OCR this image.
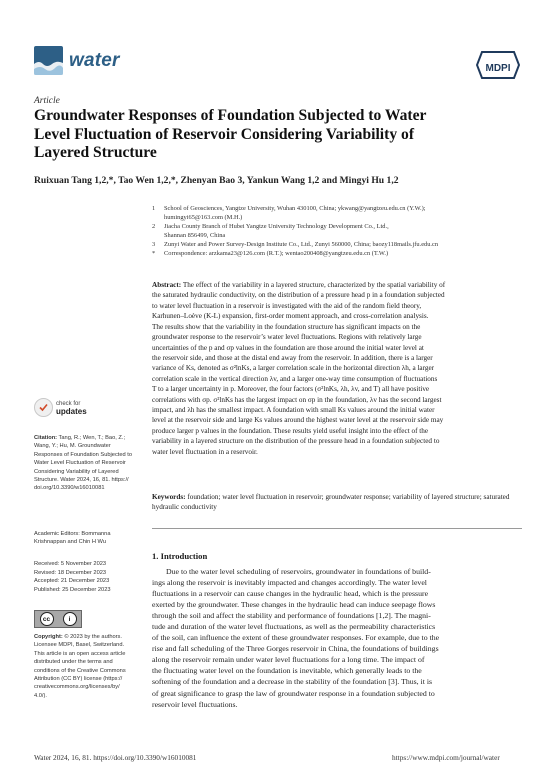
water	MDPI
Article
Groundwater Responses of Foundation Subjected to Water
Level Fluctuation of Reservoir Considering Variability of
Layered Structure
Ruixuan Tang 1,2,*, Tao Wen 1,2,*, Zhenyan Bao 3, Yankun Wang 1,2 and Mingyi Hu 1,2
1	School of Geosciences, Yangtze University, Wuhan 430100, China; ykwang@yangtzeu.edu.cn (Y.W.);
humingyi65@163.com (M.H.)
2	Jiacha County Branch of Hubei Yangtze University Technology Development Co., Ltd.,
Shannan 856499, China
3	Zunyi Water and Power Survey-Design Institute Co., Ltd., Zunyi 560000, China; baozy118mails.jfu.edu.cn
*	Correspondence: arzkama23@126.com (R.T.); wentao200408@yangtzeu.edu.cn (T.W.)
Abstract: The effect of the variability in a layered structure, characterized by the spatial variability of
the saturated hydraulic conductivity, on the distribution of a pressure head p in a foundation subjected
to water level fluctuation in a reservoir is investigated with the aid of the random field theory,
Karhunen–Loève (K-L) expansion, first-order moment approach, and cross-correlation analysis.
The results show that the variability in the foundation structure has significant impacts on the
groundwater response to the reservoir’s water level fluctuations. Regions with relatively large
uncertainties of the p and σp values in the foundation are those around the initial water level at
the reservoir side, and those at the distal end away from the reservoir. In addition, there is a larger
variance of Ks, denoted as σ²lnKs, a larger correlation scale in the horizontal direction λh, a larger
correlation scale in the vertical direction λv, and a larger one-way time consumption of fluctuations
T to a larger uncertainty in p. Moreover, the four factors (σ²lnKs, λh, λv, and T) all have positive
correlations with σp. σ²lnKs has the largest impact on σp in the foundation, λv has the second largest
impact, and λh has the smallest impact. A foundation with small Ks values around the initial water
level at the reservoir side and large Ks values around the highest water level at the reservoir side may
produce larger p values in the foundation. These results yield useful insight into the effect of the
variability in a layered structure on the distribution of the pressure head in a foundation subjected to
water level fluctuation in a reservoir.
Keywords: foundation; water level fluctuation in reservoir; groundwater response; variability of layered structure; saturated hydraulic conductivity
1. Introduction
Due to the water level scheduling of reservoirs, groundwater in foundations of build-
ings along the reservoir is inevitably impacted and changes accordingly. The water level
fluctuations in a reservoir can cause changes in the hydraulic head, which is the pressure
exerted by the groundwater. These changes in the hydraulic head can induce seepage flows
through the soil and affect the stability and performance of foundations [1,2]. The magni-
tude and duration of the water level fluctuations, as well as the permeability characteristics
of the soil, can influence the extent of these groundwater responses. For example, due to the
rise and fall scheduling of the Three Gorges reservoir in China, the foundations of buildings
along the reservoir remain under water level fluctuations for a long time. The impact of
the fluctuating water level on the foundation is inevitable, which generally leads to the
softening of the foundation and a decrease in the stability of the foundation [3]. Thus, it is
of great significance to grasp the law of groundwater response in a foundation subjected to
reservoir level fluctuations.
check for
updates
Citation: Tang, R.; Wen, T.; Bao, Z.;
Wang, Y.; Hu, M. Groundwater
Responses of Foundation Subjected to
Water Level Fluctuation of Reservoir
Considering Variability of Layered
Structure. Water 2024, 16, 81. https://
doi.org/10.3390/w16010081
Academic Editors: Bommanna
Krishnappan and Chin H Wu
Received: 5 November 2023
Revised: 18 December 2023
Accepted: 21 December 2023
Published: 25 December 2023
cc	i
Copyright: © 2023 by the authors.
Licensee MDPI, Basel, Switzerland.
This article is an open access article
distributed under the terms and
conditions of the Creative Commons
Attribution (CC BY) license (https://
creativecommons.org/licenses/by/
4.0/).
Water 2024, 16, 81. https://doi.org/10.3390/w16010081	https://www.mdpi.com/journal/water
